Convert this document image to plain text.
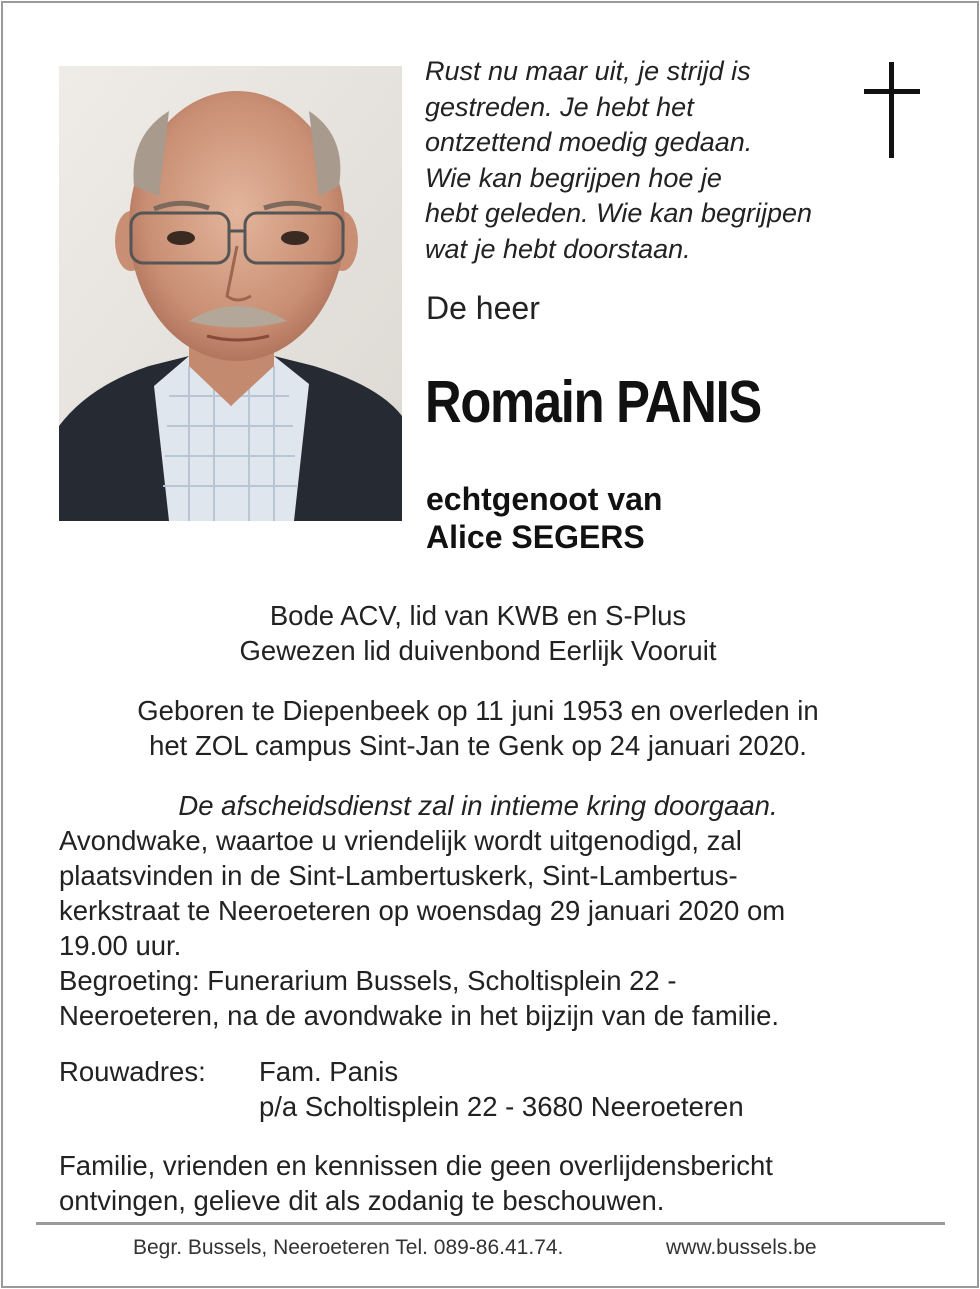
Rust nu maar uit, je strijd is
gestreden. Je hebt het
ontzettend moedig gedaan.
Wie kan begrijpen hoe je
hebt geleden. Wie kan begrijpen
wat je hebt doorstaan.
De heer
Romain PANIS
echtgenoot van
Alice SEGERS
Bode ACV, lid van KWB en S-Plus
Gewezen lid duivenbond Eerlijk Vooruit
Geboren te Diepenbeek op 11 juni 1953 en overleden in
het ZOL campus Sint-Jan te Genk op 24 januari 2020.
De afscheidsdienst zal in intieme kring doorgaan.
Avondwake, waartoe u vriendelijk wordt uitgenodigd, zal
plaatsvinden in de Sint-Lambertuskerk, Sint-Lambertus-
kerkstraat te Neeroeteren op woensdag 29 januari 2020 om
19.00 uur.
Begroeting: Funerarium Bussels, Scholtisplein 22 -
Neeroeteren, na de avondwake in het bijzijn van de familie.
Rouwadres: Fam. Panis
p/a Scholtisplein 22 - 3680 Neeroeteren
Familie, vrienden en kennissen die geen overlijdensbericht
ontvingen, gelieve dit als zodanig te beschouwen.
Begr. Bussels, Neeroeteren Tel. 089-86.41.74.	www.bussels.be
